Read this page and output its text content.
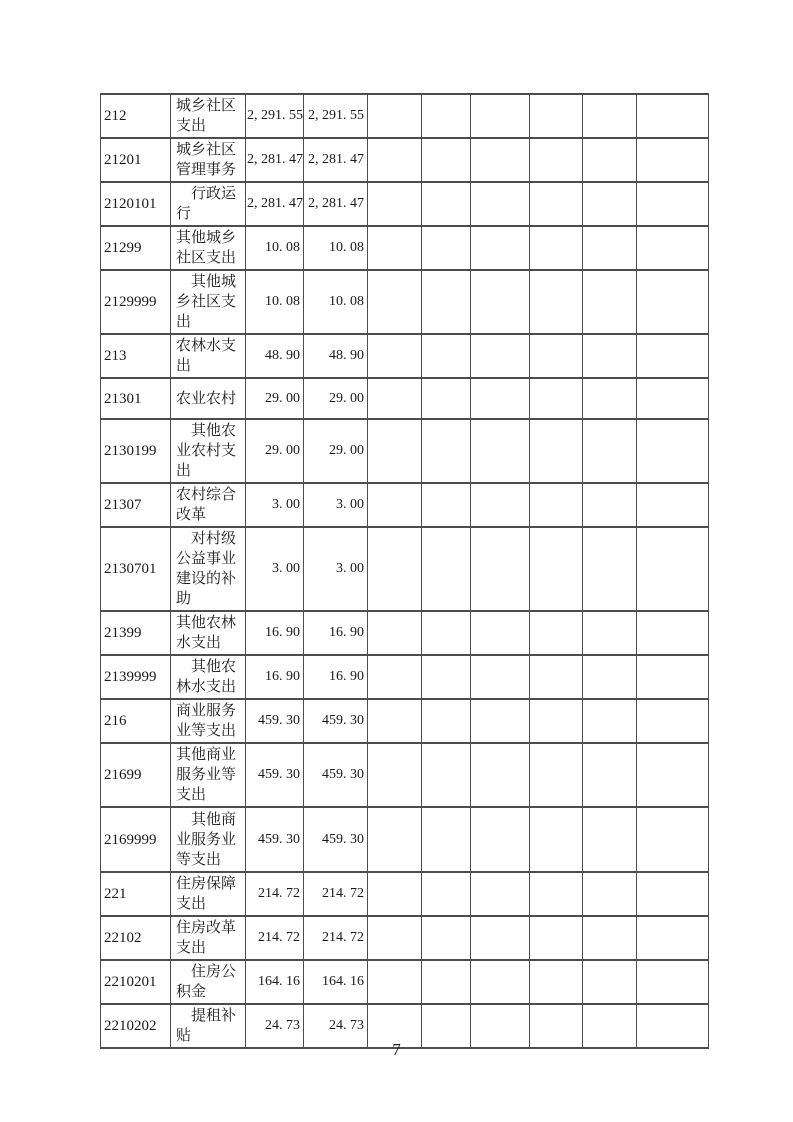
212	城乡社区支出	2, 291. 55	2, 291. 55						
21201	城乡社区管理事务	2, 281. 47	2, 281. 47						
2120101	　行政运行	2, 281. 47	2, 281. 47						
21299	其他城乡社区支出	10. 08	10. 08						
2129999	　其他城乡社区支出	10. 08	10. 08						
213	农林水支出	48. 90	48. 90						
21301	农业农村	29. 00	29. 00						
2130199	　其他农业农村支出	29. 00	29. 00						
21307	农村综合改革	3. 00	3. 00						
2130701	　对村级公益事业建设的补助	3. 00	3. 00						
21399	其他农林水支出	16. 90	16. 90						
2139999	　其他农林水支出	16. 90	16. 90						
216	商业服务业等支出	459. 30	459. 30						
21699	其他商业服务业等支出	459. 30	459. 30						
2169999	　其他商业服务业等支出	459. 30	459. 30						
221	住房保障支出	214. 72	214. 72						
22102	住房改革支出	214. 72	214. 72						
2210201	　住房公积金	164. 16	164. 16						
2210202	　提租补贴	24. 73	24. 73						
7
